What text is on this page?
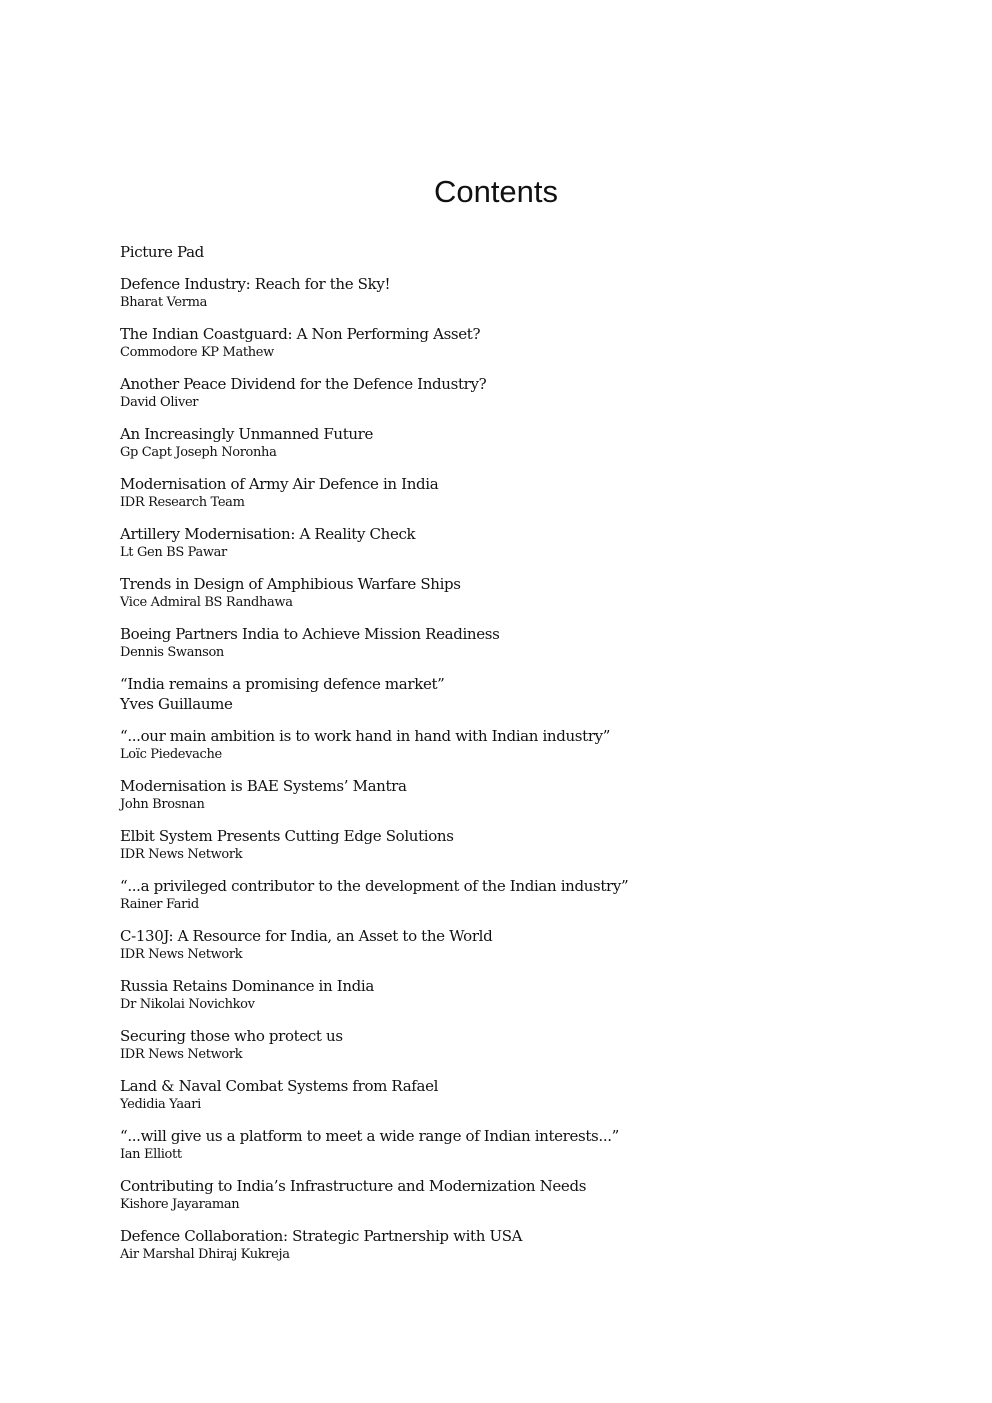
Contents
Picture Pad
Defence Industry: Reach for the Sky!
Bharat Verma
The Indian Coastguard: A Non Performing Asset?
Commodore KP Mathew
Another Peace Dividend for the Defence Industry?
David Oliver
An Increasingly Unmanned Future
Gp Capt Joseph Noronha
Modernisation of Army Air Defence in India
IDR Research Team
Artillery Modernisation: A Reality Check
Lt Gen BS Pawar
Trends in Design of Amphibious Warfare Ships
Vice Admiral BS Randhawa
Boeing Partners India to Achieve Mission Readiness
Dennis Swanson
“India remains a promising defence market”
Yves Guillaume
“...our main ambition is to work hand in hand with Indian industry”
Loïc Piedevache
Modernisation is BAE Systems’ Mantra
John Brosnan
Elbit System Presents Cutting Edge Solutions
IDR News Network
“...a privileged contributor to the development of the Indian industry”
Rainer Farid
C-130J: A Resource for India, an Asset to the World
IDR News Network
Russia Retains Dominance in India
Dr Nikolai Novichkov
Securing those who protect us
IDR News Network
Land & Naval Combat Systems from Rafael
Yedidia Yaari
“...will give us a platform to meet a wide range of Indian interests...”
Ian Elliott
Contributing to India’s Infrastructure and Modernization Needs
Kishore Jayaraman
Defence Collaboration: Strategic Partnership with USA
Air Marshal Dhiraj Kukreja
